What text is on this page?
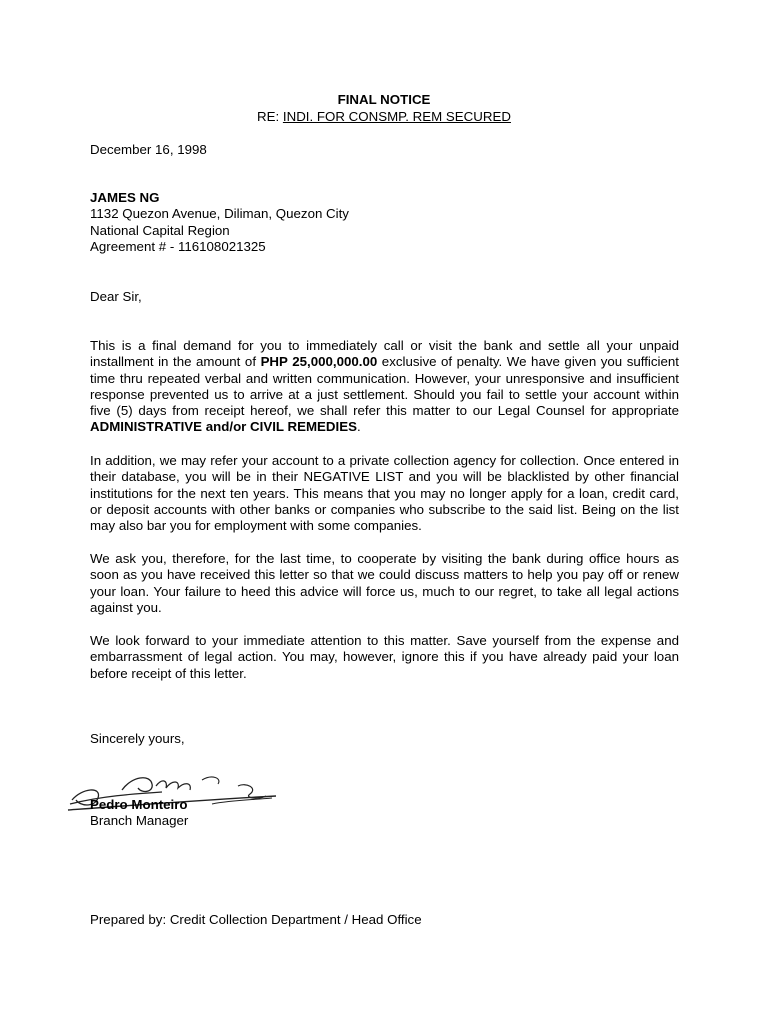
FINAL NOTICE
RE: INDI. FOR CONSMP. REM SECURED
December 16, 1998
JAMES NG
1132 Quezon Avenue, Diliman, Quezon City
National Capital Region
Agreement # - 116108021325
Dear Sir,
This is a final demand for you to immediately call or visit the bank and settle all your unpaid installment in the amount of PHP 25,000,000.00 exclusive of penalty. We have given you sufficient time thru repeated verbal and written communication. However, your unresponsive and insufficient response prevented us to arrive at a just settlement. Should you fail to settle your account within five (5) days from receipt hereof, we shall refer this matter to our Legal Counsel for appropriate ADMINISTRATIVE and/or CIVIL REMEDIES.
In addition, we may refer your account to a private collection agency for collection. Once entered in their database, you will be in their NEGATIVE LIST and you will be blacklisted by other financial institutions for the next ten years. This means that you may no longer apply for a loan, credit card, or deposit accounts with other banks or companies who subscribe to the said list. Being on the list may also bar you for employment with some companies.
We ask you, therefore, for the last time, to cooperate by visiting the bank during office hours as soon as you have received this letter so that we could discuss matters to help you pay off or renew your loan. Your failure to heed this advice will force us, much to our regret, to take all legal actions against you.
We look forward to your immediate attention to this matter. Save yourself from the expense and embarrassment of legal action. You may, however, ignore this if you have already paid your loan before receipt of this letter.
Sincerely yours,
Pedro Monteiro
Branch Manager
Prepared by: Credit Collection Department / Head Office
